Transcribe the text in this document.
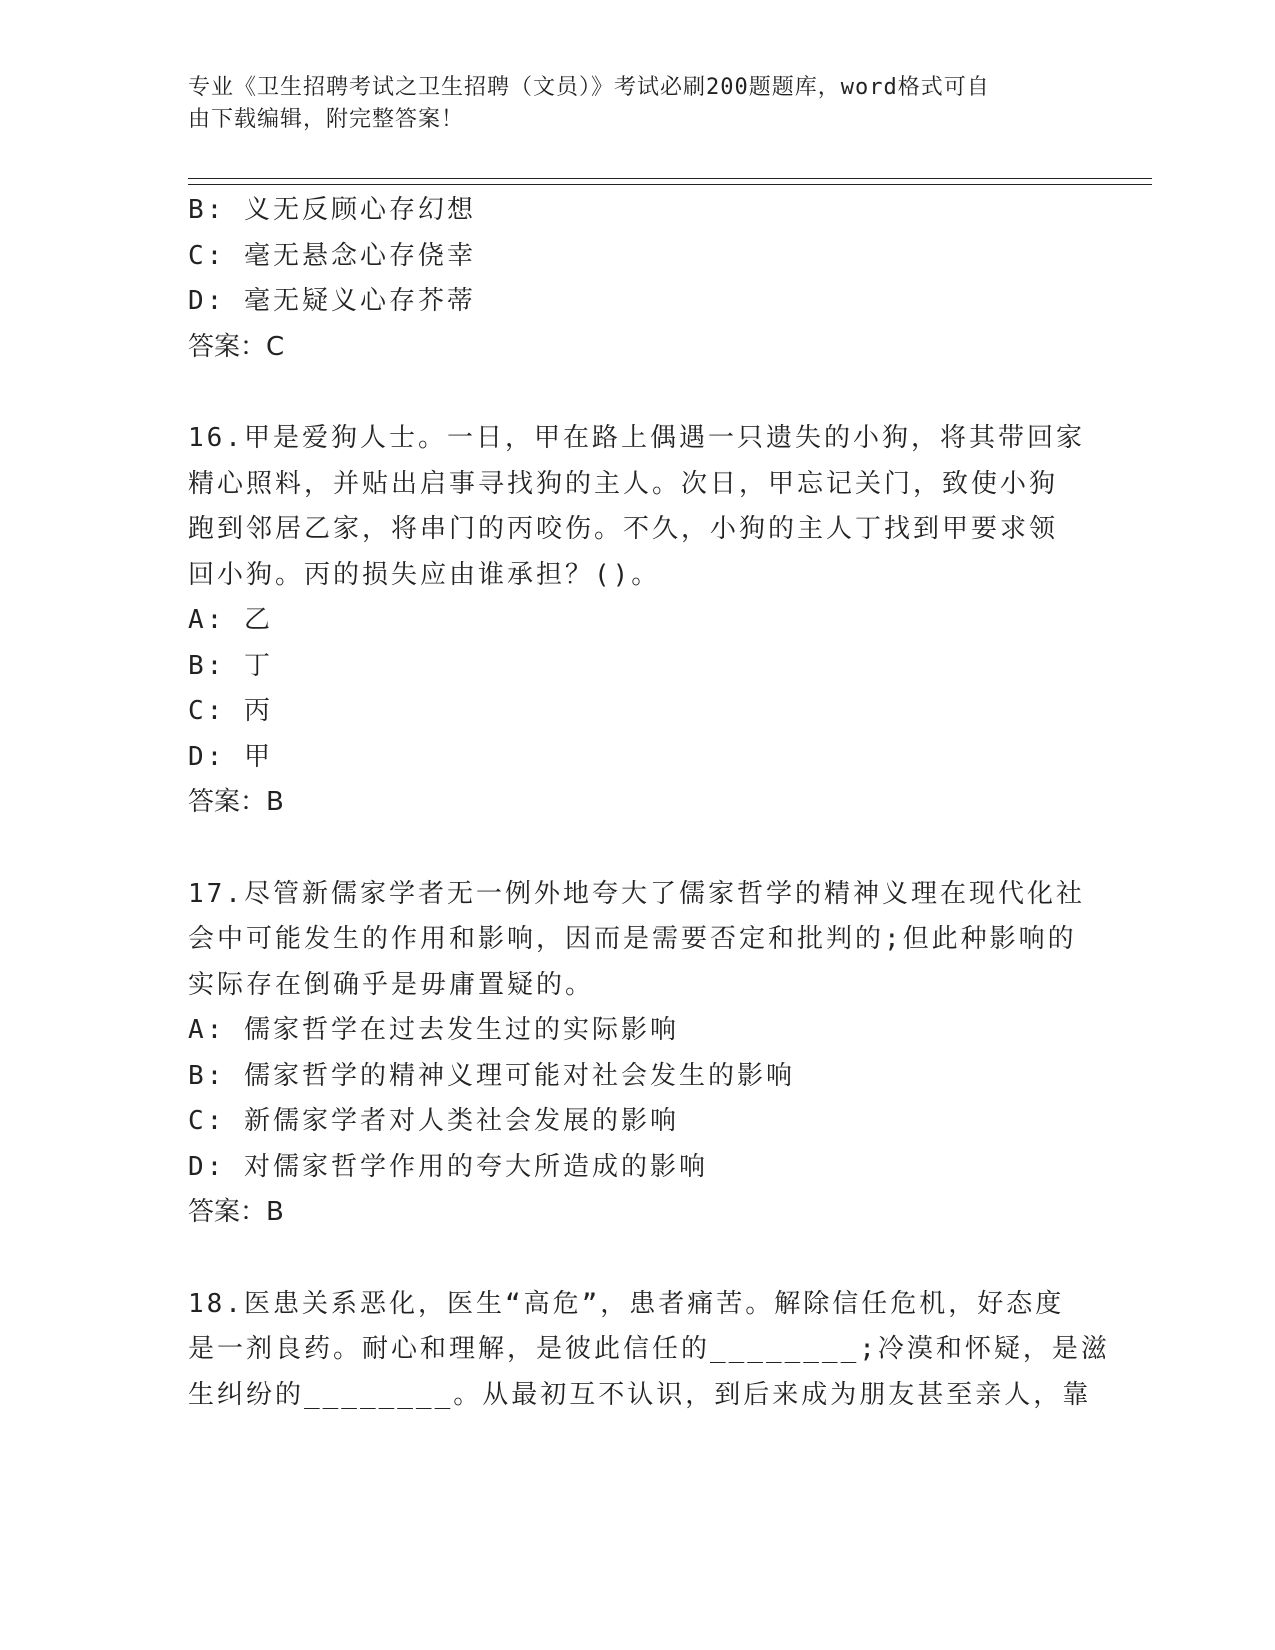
专业《卫生招聘考试之卫生招聘（文员）》考试必刷200题题库，word格式可自
由下载编辑，附完整答案！
B: 义无反顾心存幻想
C: 毫无悬念心存侥幸
D: 毫无疑义心存芥蒂
答案：C
16.甲是爱狗人士。一日，甲在路上偶遇一只遗失的小狗，将其带回家
精心照料，并贴出启事寻找狗的主人。次日，甲忘记关门，致使小狗
跑到邻居乙家，将串门的丙咬伤。不久，小狗的主人丁找到甲要求领
回小狗。丙的损失应由谁承担？()。
A: 乙
B: 丁
C: 丙
D: 甲
答案：B
17.尽管新儒家学者无一例外地夸大了儒家哲学的精神义理在现代化社
会中可能发生的作用和影响，因而是需要否定和批判的;但此种影响的
实际存在倒确乎是毋庸置疑的。
A: 儒家哲学在过去发生过的实际影响
B: 儒家哲学的精神义理可能对社会发生的影响
C: 新儒家学者对人类社会发展的影响
D: 对儒家哲学作用的夸大所造成的影响
答案：B
18.医患关系恶化，医生“高危”，患者痛苦。解除信任危机，好态度
是一剂良药。耐心和理解，是彼此信任的________;冷漠和怀疑，是滋
生纠纷的________。从最初互不认识，到后来成为朋友甚至亲人，靠
